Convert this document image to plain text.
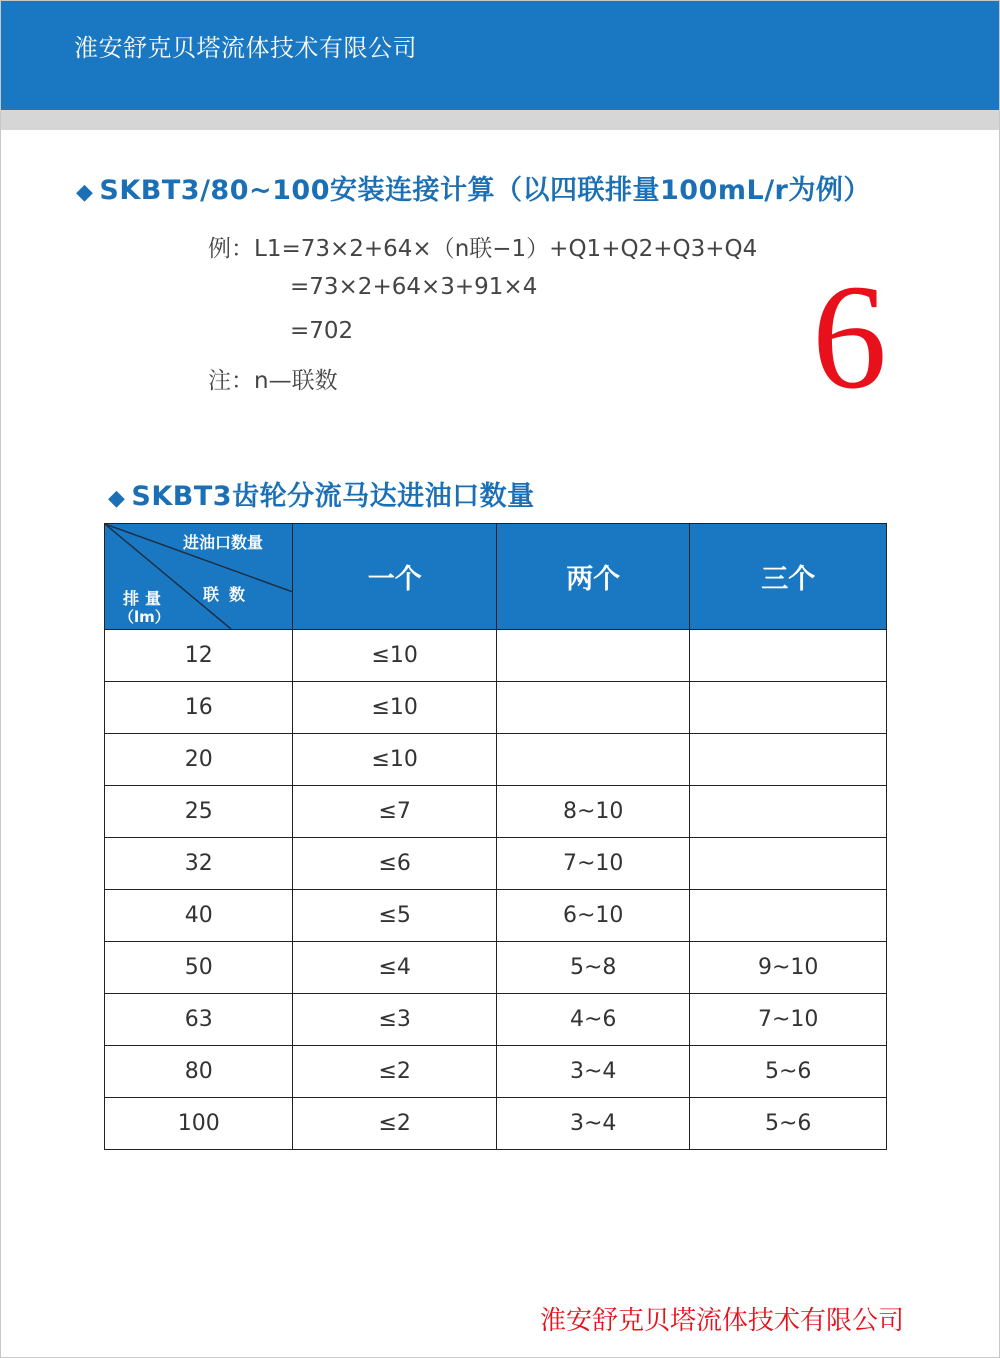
淮安舒克贝塔流体技术有限公司
◆ SKBT3/80~100安装连接计算（以四联排量100mL/r为例）
例：L1=73×2+64×（n联−1）+Q1+Q2+Q3+Q4
=73×2+64×3+91×4
=702
注：n—联数	6
◆ SKBT3齿轮分流马达进油口数量
进油口数量
联数
排量
（lm）	一个	两个	三个
12	≤10		
16	≤10		
20	≤10		
25	≤7	8~10	
32	≤6	7~10	
40	≤5	6~10	
50	≤4	5~8	9~10
63	≤3	4~6	7~10
80	≤2	3~4	5~6
100	≤2	3~4	5~6
淮安舒克贝塔流体技术有限公司
